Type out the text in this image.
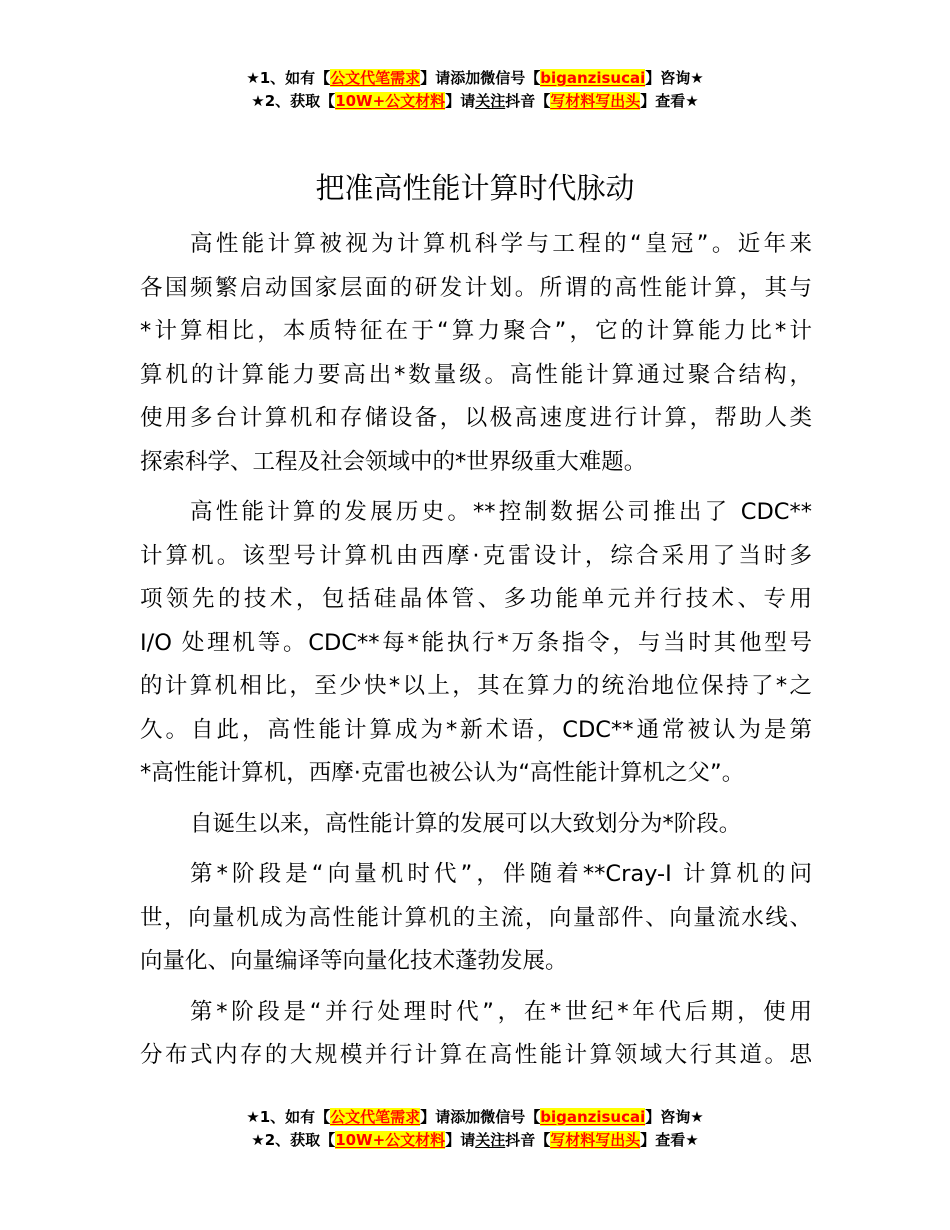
★1、如有【公文代笔需求】请添加微信号【biganzisucai】咨询★
★2、获取【10W+公文材料】请关注抖音【写材料写出头】查看★
把准高性能计算时代脉动
高性能计算被视为计算机科学与工程的“皇冠”。近年来
各国频繁启动国家层面的研发计划。所谓的高性能计算，其与
*计算相比，本质特征在于“算力聚合”，它的计算能力比*计
算机的计算能力要高出*数量级。高性能计算通过聚合结构，
使用多台计算机和存储设备，以极高速度进行计算，帮助人类
探索科学、工程及社会领域中的*世界级重大难题。
高性能计算的发展历史。**控制数据公司推出了 CDC**
计算机。该型号计算机由西摩·克雷设计，综合采用了当时多
项领先的技术，包括硅晶体管、多功能单元并行技术、专用
I/O 处理机等。CDC**每*能执行*万条指令，与当时其他型号
的计算机相比，至少快*以上，其在算力的统治地位保持了*之
久。自此，高性能计算成为*新术语，CDC**通常被认为是第
*高性能计算机，西摩·克雷也被公认为“高性能计算机之父”。
自诞生以来，高性能计算的发展可以大致划分为*阶段。
第*阶段是“向量机时代”，伴随着**Cray-I 计算机的问
世，向量机成为高性能计算机的主流，向量部件、向量流水线、
向量化、向量编译等向量化技术蓬勃发展。
第*阶段是“并行处理时代”，在*世纪*年代后期，使用
分布式内存的大规模并行计算在高性能计算领域大行其道。思
★1、如有【公文代笔需求】请添加微信号【biganzisucai】咨询★
★2、获取【10W+公文材料】请关注抖音【写材料写出头】查看★
